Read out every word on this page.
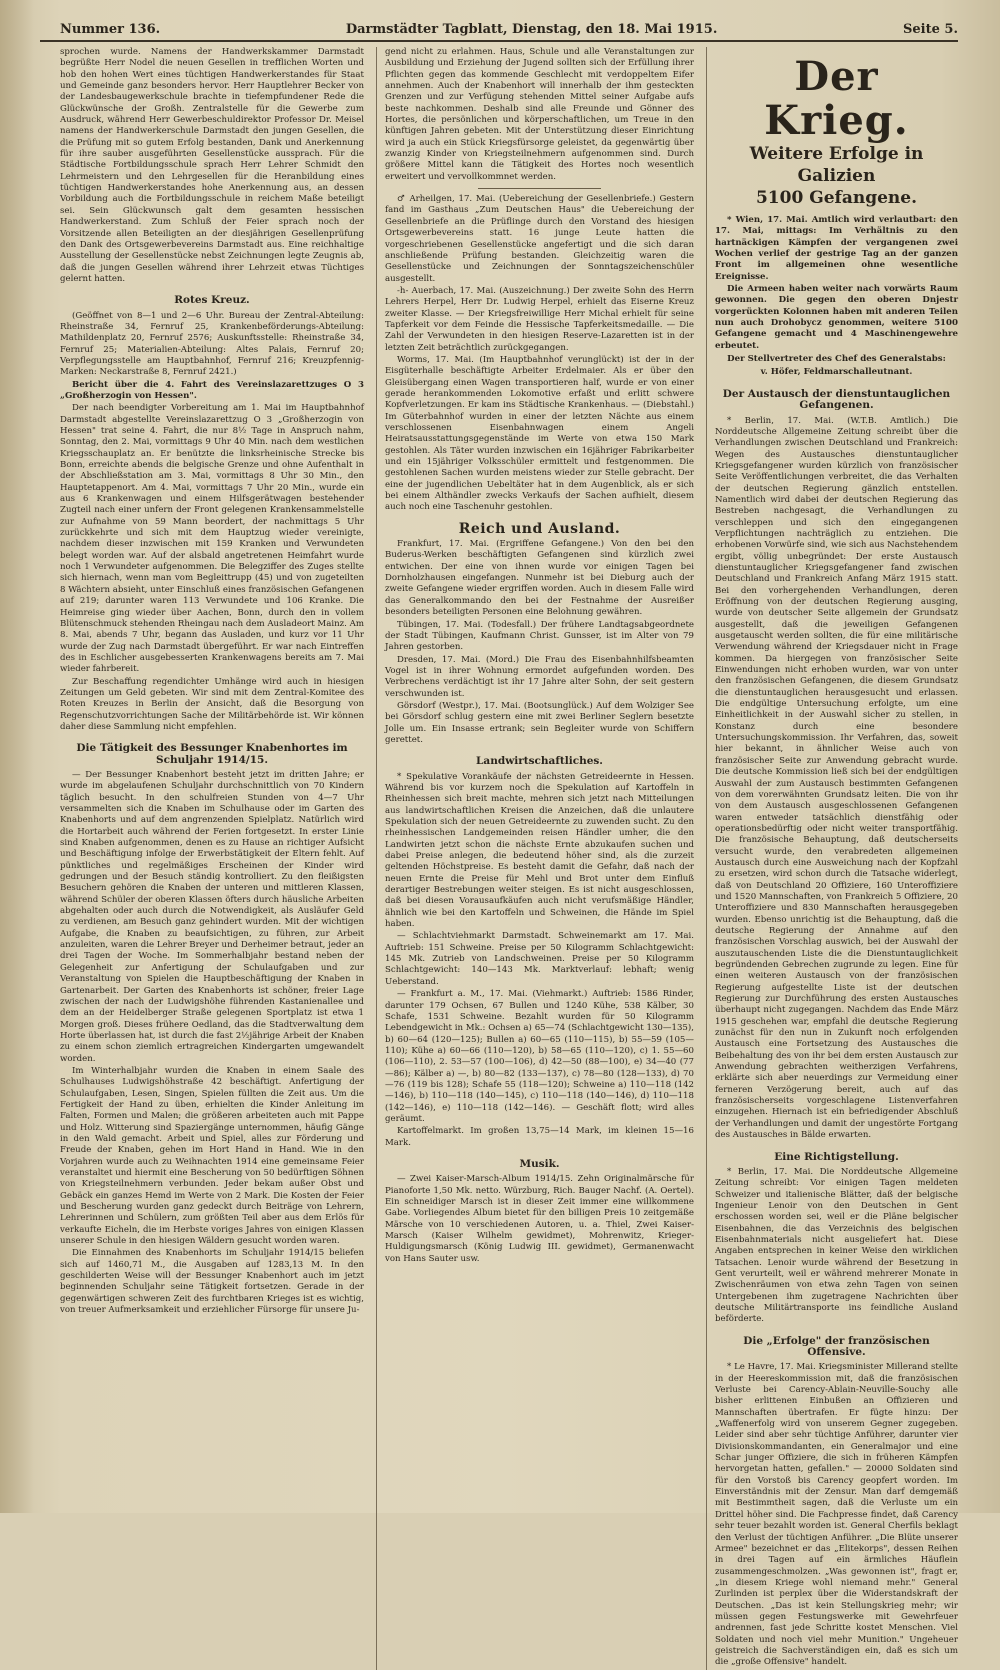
Nummer 136.	Darmstädter Tagblatt, Dienstag, den 18. Mai 1915.	Seite 5.

sprochen wurde. Namens der Handwerkskammer Darmstadt begrüßte Herr Nodel die neuen Gesellen in trefflichen Worten und hob den hohen Wert eines tüchtigen Handwerkerstandes für Staat und Gemeinde ganz besonders hervor. Herr Hauptlehrer Becker von der Landesbaugewerkschule brachte in tiefempfundener Rede die Glückwünsche der Großh. Zentralstelle für die Gewerbe zum Ausdruck, während Herr Gewerbeschuldirektor Professor Dr. Meisel namens der Handwerkerschule Darmstadt den jungen Gesellen, die die Prüfung mit so gutem Erfolg bestanden, Dank und Anerkennung für ihre sauber ausgeführten Gesellenstücke aussprach. Für die Städtische Fortbildungsschule sprach Herr Lehrer Schmidt den Lehrmeistern und den Lehrgesellen für die Heranbildung eines tüchtigen Handwerkerstandes hohe Anerkennung aus, an dessen Vorbildung auch die Fortbildungsschule in reichem Maße beteiligt sei. Sein Glückwunsch galt dem gesamten hessischen Handwerkerstand. Zum Schluß der Feier sprach noch der Vorsitzende allen Beteiligten an der diesjährigen Gesellenprüfung den Dank des Ortsgewerbevereins Darmstadt aus. Eine reichhaltige Ausstellung der Gesellenstücke nebst Zeichnungen legte Zeugnis ab, daß die jungen Gesellen während ihrer Lehrzeit etwas Tüchtiges gelernt hatten.

Rotes Kreuz.

(Geöffnet von 8—1 und 2—6 Uhr. Bureau der Zentral-Abteilung: Rheinstraße 34, Fernruf 25, Krankenbeförderungs-Abteilung: Mathildenplatz 20, Fernruf 2576; Auskunftsstelle: Rheinstraße 34, Fernruf 25; Materialien-Abteilung: Altes Palais, Fernruf 20; Verpflegungsstelle am Hauptbahnhof, Fernruf 216; Kreuzpfennig-Marken: Neckarstraße 8, Fernruf 2421.)

Bericht über die 4. Fahrt des Vereinslazarettzuges O 3 „Großherzogin von Hessen".

Der nach beendigter Vorbereitung am 1. Mai im Hauptbahnhof Darmstadt abgestellte Vereinslazarettzug O 3 „Großherzogin von Hessen" trat seine 4. Fahrt, die nur 8½ Tage in Anspruch nahm, Sonntag, den 2. Mai, vormittags 9 Uhr 40 Min. nach dem westlichen Kriegsschauplatz an. Er benützte die linksrheinische Strecke bis Bonn, erreichte abends die belgische Grenze und ohne Aufenthalt in der Abschließstation am 3. Mai, vormittags 8 Uhr 30 Min., den Hauptetappenort. Am 4. Mai, vormittags 7 Uhr 20 Min., wurde ein aus 6 Krankenwagen und einem Hilfsgerätwagen bestehender Zugteil nach einer unfern der Front gelegenen Krankensammelstelle zur Aufnahme von 59 Mann beordert, der nachmittags 5 Uhr zurückkehrte und sich mit dem Hauptzug wieder vereinigte, nachdem dieser inzwischen mit 159 Kranken und Verwundeten belegt worden war. Auf der alsbald angetretenen Heimfahrt wurde noch 1 Verwundeter aufgenommen. Die Belegziffer des Zuges stellte sich hiernach, wenn man vom Begleittrupp (45) und von zugeteilten 8 Wächtern absieht, unter Einschluß eines französischen Gefangenen auf 219; darunter waren 113 Verwundete und 106 Kranke. Die Heimreise ging wieder über Aachen, Bonn, durch den in vollem Blütenschmuck stehenden Rheingau nach dem Ausladeort Mainz. Am 8. Mai, abends 7 Uhr, begann das Ausladen, und kurz vor 11 Uhr wurde der Zug nach Darmstadt übergeführt. Er war nach Eintreffen des in Eschlicher ausgebesserten Krankenwagens bereits am 7. Mai wieder fahrbereit.

Zur Beschaffung regendichter Umhänge wird auch in hiesigen Zeitungen um Geld gebeten. Wir sind mit dem Zentral-Komitee des Roten Kreuzes in Berlin der Ansicht, daß die Besorgung von Regenschutzvorrichtungen Sache der Militärbehörde ist. Wir können daher diese Sammlung nicht empfehlen.

Die Tätigkeit des Bessunger Knabenhortes im Schuljahr 1914/15.

— Der Bessunger Knabenhort besteht jetzt im dritten Jahre; er wurde im abgelaufenen Schuljahr durchschnittlich von 70 Kindern täglich besucht. In den schulfreien Stunden von 4—7 Uhr versammelten sich die Knaben im Schulhause oder im Garten des Knabenhorts und auf dem angrenzenden Spielplatz. Natürlich wird die Hortarbeit auch während der Ferien fortgesetzt. In erster Linie sind Knaben aufgenommen, denen es zu Hause an richtiger Aufsicht und Beschäftigung infolge der Erwerbstätigkeit der Eltern fehlt. Auf pünktliches und regelmäßiges Erscheinen der Kinder wird gedrungen und der Besuch ständig kontrolliert. Zu den fleißigsten Besuchern gehören die Knaben der unteren und mittleren Klassen, während Schüler der oberen Klassen öfters durch häusliche Arbeiten abgehalten oder auch durch die Notwendigkeit, als Ausläufer Geld zu verdienen, am Besuch ganz gehindert wurden. Mit der wichtigen Aufgabe, die Knaben zu beaufsichtigen, zu führen, zur Arbeit anzuleiten, waren die Lehrer Breyer und Derheimer betraut, jeder an drei Tagen der Woche. Im Sommerhalbjahr bestand neben der Gelegenheit zur Anfertigung der Schulaufgaben und zur Veranstaltung von Spielen die Hauptbeschäftigung der Knaben in Gartenarbeit. Der Garten des Knabenhorts ist schöner, freier Lage zwischen der nach der Ludwigshöhe führenden Kastanienallee und dem an der Heidelberger Straße gelegenen Sportplatz ist etwa 1 Morgen groß. Dieses frühere Oedland, das die Stadtverwaltung dem Horte überlassen hat, ist durch die fast 2½jährige Arbeit der Knaben zu einem schon ziemlich ertragreichen Kindergarten umgewandelt worden.

Im Winterhalbjahr wurden die Knaben in einem Saale des Schulhauses Ludwigshöhstraße 42 beschäftigt. Anfertigung der Schulaufgaben, Lesen, Singen, Spielen füllten die Zeit aus. Um die Fertigkeit der Hand zu üben, erhielten die Kinder Anleitung im Falten, Formen und Malen; die größeren arbeiteten auch mit Pappe und Holz. Witterung sind Spaziergänge unternommen, häufig Gänge in den Wald gemacht. Arbeit und Spiel, alles zur Förderung und Freude der Knaben, gehen im Hort Hand in Hand. Wie in den Vorjahren wurde auch zu Weihnachten 1914 eine gemeinsame Feier veranstaltet und hiermit eine Bescherung von 50 bedürftigen Söhnen von Kriegsteilnehmern verbunden. Jeder bekam außer Obst und Gebäck ein ganzes Hemd im Werte von 2 Mark. Die Kosten der Feier und Bescherung wurden ganz gedeckt durch Beiträge von Lehrern, Lehrerinnen und Schülern, zum größten Teil aber aus dem Erlös für verkaufte Eicheln, die im Herbste voriges Jahres von einigen Klassen unserer Schule in den hiesigen Wäldern gesucht worden waren.

Die Einnahmen des Knabenhorts im Schuljahr 1914/15 beliefen sich auf 1460,71 M., die Ausgaben auf 1283,13 M. In den geschilderten Weise will der Bessunger Knabenhort auch im jetzt beginnenden Schuljahr seine Tätigkeit fortsetzen. Gerade in der gegenwärtigen schweren Zeit des furchtbaren Krieges ist es wichtig, von treuer Aufmerksamkeit und erziehlicher Fürsorge für unsere Ju-

gend nicht zu erlahmen. Haus, Schule und alle Veranstaltungen zur Ausbildung und Erziehung der Jugend sollten sich der Erfüllung ihrer Pflichten gegen das kommende Geschlecht mit verdoppeltem Eifer annehmen. Auch der Knabenhort will innerhalb der ihm gesteckten Grenzen und zur Verfügung stehenden Mittel seiner Aufgabe aufs beste nachkommen. Deshalb sind alle Freunde und Gönner des Hortes, die persönlichen und körperschaftlichen, um Treue in den künftigen Jahren gebeten. Mit der Unterstützung dieser Einrichtung wird ja auch ein Stück Kriegsfürsorge geleistet, da gegenwärtig über zwanzig Kinder von Kriegsteilnehmern aufgenommen sind. Durch größere Mittel kann die Tätigkeit des Hortes noch wesentlich erweitert und vervollkommnet werden.

♂ Arheilgen, 17. Mai. (Uebereichung der Gesellenbriefe.) Gestern fand im Gasthaus „Zum Deutschen Haus" die Uebereichung der Gesellenbriefe an die Prüflinge durch den Vorstand des hiesigen Ortsgewerbevereins statt. 16 junge Leute hatten die vorgeschriebenen Gesellenstücke angefertigt und die sich daran anschließende Prüfung bestanden. Gleichzeitig waren die Gesellenstücke und Zeichnungen der Sonntagszeichenschüler ausgestellt.

-h- Auerbach, 17. Mai. (Auszeichnung.) Der zweite Sohn des Herrn Lehrers Herpel, Herr Dr. Ludwig Herpel, erhielt das Eiserne Kreuz zweiter Klasse. — Der Kriegsfreiwillige Herr Michal erhielt für seine Tapferkeit vor dem Feinde die Hessische Tapferkeitsmedaille. — Die Zahl der Verwundeten in den hiesigen Reserve-Lazaretten ist in der letzten Zeit beträchtlich zurückgegangen.

Worms, 17. Mai. (Im Hauptbahnhof verunglückt) ist der in der Eisgüterhalle beschäftigte Arbeiter Erdelmaier. Als er über den Gleisübergang einen Wagen transportieren half, wurde er von einer gerade herankommenden Lokomotive erfaßt und erlitt schwere Kopfverletzungen. Er kam ins Städtische Krankenhaus. — (Diebstahl.) Im Güterbahnhof wurden in einer der letzten Nächte aus einem verschlossenen Eisenbahnwagen einem Angeli Heiratsausstattungsgegenstände im Werte von etwa 150 Mark gestohlen. Als Täter wurden inzwischen ein 16jähriger Fabrikarbeiter und ein 15jähriger Volksschüler ermittelt und festgenommen. Die gestohlenen Sachen wurden meistens wieder zur Stelle gebracht. Der eine der jugendlichen Uebeltäter hat in dem Augenblick, als er sich bei einem Althändler zwecks Verkaufs der Sachen aufhielt, diesem auch noch eine Taschenuhr gestohlen.

Reich und Ausland.

Frankfurt, 17. Mai. (Ergriffene Gefangene.) Von den bei den Buderus-Werken beschäftigten Gefangenen sind kürzlich zwei entwichen. Der eine von ihnen wurde vor einigen Tagen bei Dornholzhausen eingefangen. Nunmehr ist bei Dieburg auch der zweite Gefangene wieder ergriffen worden. Auch in diesem Falle wird das Generalkommando den bei der Festnahme der Ausreißer besonders beteiligten Personen eine Belohnung gewähren.

Tübingen, 17. Mai. (Todesfall.) Der frühere Landtagsabgeordnete der Stadt Tübingen, Kaufmann Christ. Gunsser, ist im Alter von 79 Jahren gestorben.

Dresden, 17. Mai. (Mord.) Die Frau des Eisenbahnhilfsbeamten Vogel ist in ihrer Wohnung ermordet aufgefunden worden. Des Verbrechens verdächtigt ist ihr 17 Jahre alter Sohn, der seit gestern verschwunden ist.

Görsdorf (Westpr.), 17. Mai. (Bootsunglück.) Auf dem Wolziger See bei Görsdorf schlug gestern eine mit zwei Berliner Seglern besetzte Jolle um. Ein Insasse ertrank; sein Begleiter wurde von Schiffern gerettet.

Landwirtschaftliches.

* Spekulative Vorankäufe der nächsten Getreideernte in Hessen. Während bis vor kurzem noch die Spekulation auf Kartoffeln in Rheinhessen sich breit machte, mehren sich jetzt nach Mitteilungen aus landwirtschaftlichen Kreisen die Anzeichen, daß die unlautere Spekulation sich der neuen Getreideernte zu zuwenden sucht. Zu den rheinhessischen Landgemeinden reisen Händler umher, die den Landwirten jetzt schon die nächste Ernte abzukaufen suchen und dabei Preise anlegen, die bedeutend höher sind, als die zurzeit geltenden Höchstpreise. Es besteht damit die Gefahr, daß nach der neuen Ernte die Preise für Mehl und Brot unter dem Einfluß derartiger Bestrebungen weiter steigen. Es ist nicht ausgeschlossen, daß bei diesen Vorausaufkäufen auch nicht verufsmäßige Händler, ähnlich wie bei den Kartoffeln und Schweinen, die Hände im Spiel haben.

— Schlachtviehmarkt Darmstadt. Schweinemarkt am 17. Mai. Auftrieb: 151 Schweine. Preise per 50 Kilogramm Schlachtgewicht: 145 Mk. Zutrieb von Landschweinen. Preise per 50 Kilogramm Schlachtgewicht: 140—143 Mk. Marktverlauf: lebhaft; wenig Ueberstand.

— Frankfurt a. M., 17. Mai. (Viehmarkt.) Auftrieb: 1586 Rinder, darunter 179 Ochsen, 67 Bullen und 1240 Kühe, 538 Kälber, 30 Schafe, 1531 Schweine. Bezahlt wurden für 50 Kilogramm Lebendgewicht in Mk.: Ochsen a) 65—74 (Schlachtgewicht 130—135), b) 60—64 (120—125); Bullen a) 60—65 (110—115), b) 55—59 (105—110); Kühe a) 60—66 (110—120), b) 58—65 (110—120), c) 1. 55—60 (106—110), 2. 53—57 (100—106), d) 42—50 (88—100), e) 34—40 (77—86); Kälber a) —, b) 80—82 (133—137), c) 78—80 (128—133), d) 70—76 (119 bis 128); Schafe 55 (118—120); Schweine a) 110—118 (142—146), b) 110—118 (140—145), c) 110—118 (140—146), d) 110—118 (142—146), e) 110—118 (142—146). — Geschäft flott; wird alles geräumt.

Kartoffelmarkt. Im großen 13,75—14 Mark, im kleinen 15—16 Mark.

Musik.

— Zwei Kaiser-Marsch-Album 1914/15. Zehn Originalmärsche für Pianoforte 1,50 Mk. netto. Würzburg, Rich. Bauger Nachf. (A. Oertel). Ein schneidiger Marsch ist in dieser Zeit immer eine willkommene Gabe. Vorliegendes Album bietet für den billigen Preis 10 zeitgemäße Märsche von 10 verschiedenen Autoren, u. a. Thiel, Zwei Kaiser-Marsch (Kaiser Wilhelm gewidmet), Mohrenwitz, Krieger-Huldigungsmarsch (König Ludwig III. gewidmet), Germanenwacht von Hans Sauter usw.

Der Krieg.
Weitere Erfolge in Galizien
5100 Gefangene.

* Wien, 17. Mai. Amtlich wird verlautbart: den 17. Mai, mittags: Im Verhältnis zu den hartnäckigen Kämpfen der vergangenen zwei Wochen verlief der gestrige Tag an der ganzen Front im allgemeinen ohne wesentliche Ereignisse.

Die Armeen haben weiter nach vorwärts Raum gewonnen. Die gegen den oberen Dnjestr vorgerückten Kolonnen haben mit anderen Teilen nun auch Drohobycz genommen, weitere 5100 Gefangene gemacht und 4 Maschinengewehre erbeutet.

Der Stellvertreter des Chef des Generalstabs:
v. Höfer, Feldmarschalleutnant.
Der Austausch der dienstuntauglichen Gefangenen.

* Berlin, 17. Mai. (W.T.B. Amtlich.) Die Norddeutsche Allgemeine Zeitung schreibt über die Verhandlungen zwischen Deutschland und Frankreich: Wegen des Austausches dienstuntauglicher Kriegsgefangener wurden kürzlich von französischer Seite Veröffentlichungen verbreitet, die das Verhalten der deutschen Regierung gänzlich entstellen. Namentlich wird dabei der deutschen Regierung das Bestreben nachgesagt, die Verhandlungen zu verschleppen und sich den eingegangenen Verpflichtungen nachträglich zu entziehen. Die erhobenen Vorwürfe sind, wie sich aus Nachstehendem ergibt, völlig unbegründet: Der erste Austausch dienstuntauglicher Kriegsgefangener fand zwischen Deutschland und Frankreich Anfang März 1915 statt. Bei den vorhergehenden Verhandlungen, deren Eröffnung von der deutschen Regierung ausging, wurde von deutscher Seite allgemein der Grundsatz ausgestellt, daß die jeweiligen Gefangenen ausgetauscht werden sollten, die für eine militärische Verwendung während der Kriegsdauer nicht in Frage kommen. Da hiergegen von französischer Seite Einwendungen nicht erhoben wurden, war von unter den französischen Gefangenen, die diesem Grundsatz die dienstuntauglichen herausgesucht und erlassen. Die endgültige Untersuchung erfolgte, um eine Einheitlichkeit in der Auswahl sicher zu stellen, in Konstanz durch eine besondere Untersuchungskommission. Ihr Verfahren, das, soweit hier bekannt, in ähnlicher Weise auch von französischer Seite zur Anwendung gebracht wurde. Die deutsche Kommission ließ sich bei der endgültigen Auswahl der zum Austausch bestimmten Gefangenen von dem vorerwähnten Grundsatz leiten. Die von ihr von dem Austausch ausgeschlossenen Gefangenen waren entweder tatsächlich dienstfähig oder operationsbedürftig oder nicht weiter transportfähig. Die französische Behauptung, daß deutscherseits versucht wurde, den verabredeten allgemeinen Austausch durch eine Ausweichung nach der Kopfzahl zu ersetzen, wird schon durch die Tatsache widerlegt, daß von Deutschland 20 Offiziere, 160 Unteroffiziere und 1520 Mannschaften, von Frankreich 5 Offiziere, 20 Unteroffiziere und 830 Mannschaften herausgegeben wurden. Ebenso unrichtig ist die Behauptung, daß die deutsche Regierung der Annahme auf den französischen Vorschlag auswich, bei der Auswahl der auszutauschenden Liste die die Dienstuntauglichkeit begründenden Gebrechen zugrunde zu legen. Eine für einen weiteren Austausch von der französischen Regierung aufgestellte Liste ist der deutschen Regierung zur Durchführung des ersten Austausches überhaupt nicht zugegangen. Nachdem das Ende März 1915 geschehen war, empfahl die deutsche Regierung zunächst für den nun in Zukunft noch erfolgenden Austausch eine Fortsetzung des Austausches die Beibehaltung des von ihr bei dem ersten Austausch zur Anwendung gebrachten weitherzigen Verfahrens, erklärte sich aber neuerdings zur Vermeidung einer ferneren Verzögerung bereit, auch auf das französischerseits vorgeschlagene Listenverfahren einzugehen. Hiernach ist ein befriedigender Abschluß der Verhandlungen und damit der ungestörte Fortgang des Austausches in Bälde erwarten.

Eine Richtigstellung.

* Berlin, 17. Mai. Die Norddeutsche Allgemeine Zeitung schreibt: Vor einigen Tagen meldeten Schweizer und italienische Blätter, daß der belgische Ingenieur Lenoir von den Deutschen in Gent erschossen worden sei, weil er die Pläne belgischer Eisenbahnen, die das Verzeichnis des belgischen Eisenbahnmaterials nicht ausgeliefert hat. Diese Angaben entsprechen in keiner Weise den wirklichen Tatsachen. Lenoir wurde während der Besetzung in Gent verurteilt, weil er während mehrerer Monate in Zwischenräumen von etwa zehn Tagen von seinen Untergebenen ihm zugetragene Nachrichten über deutsche Militärtransporte ins feindliche Ausland beförderte.

Die „Erfolge" der französischen Offensive.

* Le Havre, 17. Mai. Kriegsminister Millerand stellte in der Heereskommission mit, daß die französischen Verluste bei Carency-Ablain-Neuville-Souchy alle bisher erlittenen Einbußen an Offizieren und Mannschaften übertrafen. Er fügte hinzu: Der „Waffenerfolg wird von unserem Gegner zugegeben. Leider sind aber sehr tüchtige Anführer, darunter vier Divisionskommandanten, ein Generalmajor und eine Schar junger Offiziere, die sich in früheren Kämpfen hervorgetan hatten, gefallen." — 20000 Soldaten sind für den Vorstoß bis Carency geopfert worden. Im Einverständnis mit der Zensur. Man darf demgemäß mit Bestimmtheit sagen, daß die Verluste um ein Drittel höher sind. Die Fachpresse findet, daß Carency sehr teuer bezahlt worden ist. General Cherfils beklagt den Verlust der tüchtigen Anführer. „Die Blüte unserer Armee" bezeichnet er das „Elitekorps", dessen Reihen in drei Tagen auf ein ärmliches Häuflein zusammengeschmolzen. „Was gewonnen ist", fragt er, „in diesem Kriege wohl niemand mehr." General Zurlinden ist perplex über die Widerstandskraft der Deutschen. „Das ist kein Stellungskrieg mehr; wir müssen gegen Festungswerke mit Gewehrfeuer andrennen, fast jede Schritte kostet Menschen. Viel Soldaten und noch viel mehr Munition." Ungeheuer geistreich die Sachverständigen ein, daß es sich um die „große Offensive" handelt.
